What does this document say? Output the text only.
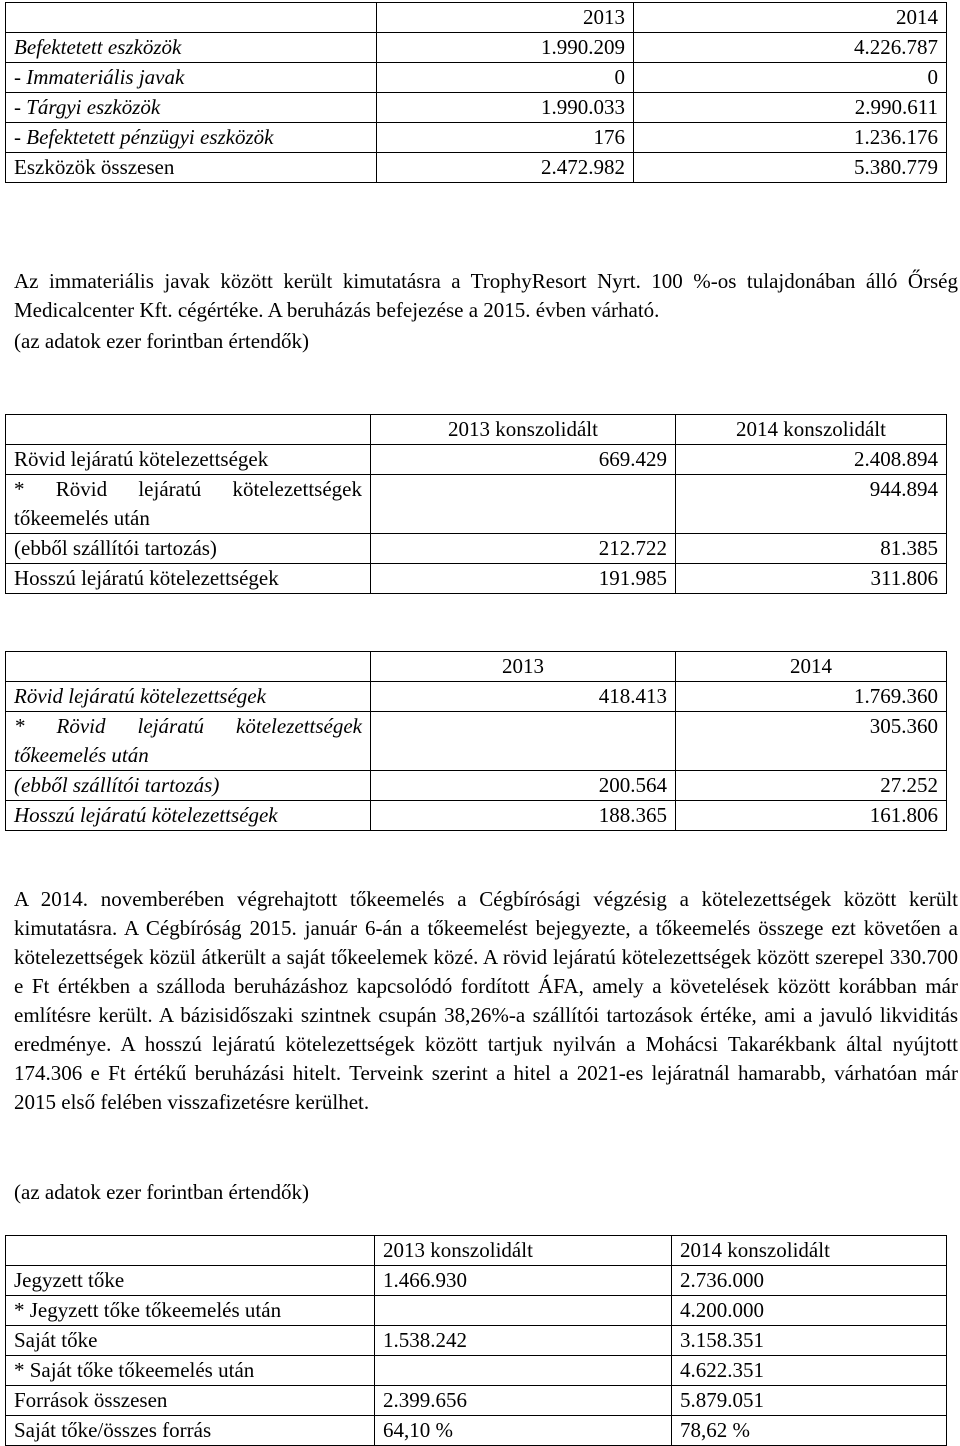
	2013	2014
Befektetett eszközök	1.990.209	4.226.787
- Immateriális javak	0	0
- Tárgyi eszközök	1.990.033	2.990.611
- Befektetett pénzügyi eszközök	176	1.236.176
Eszközök összesen	2.472.982	5.380.779
Az immateriális javak között került kimutatásra a TrophyResort Nyrt. 100 %-os tulajdonában álló Őrség Medicalcenter Kft. cégértéke. A beruházás befejezése a 2015. évben várható.
(az adatok ezer forintban értendők)
	2013 konszolidált	2014 konszolidált
Rövid lejáratú kötelezettségek	669.429	2.408.894
* Rövid lejáratú kötelezettségek tőkeemelés után		944.894
(ebből szállítói tartozás)	212.722	81.385
Hosszú lejáratú kötelezettségek	191.985	311.806
	2013	2014
Rövid lejáratú kötelezettségek	418.413	1.769.360
* Rövid lejáratú kötelezettségek tőkeemelés után		305.360
(ebből szállítói tartozás)	200.564	27.252
Hosszú lejáratú kötelezettségek	188.365	161.806
A 2014. novemberében végrehajtott tőkeemelés a Cégbírósági végzésig a kötelezettségek között került kimutatásra. A Cégbíróság 2015. január 6-án a tőkeemelést bejegyezte, a tőkeemelés összege ezt követően a kötelezettségek közül átkerült a saját tőkeelemek közé. A rövid lejáratú kötelezettségek között szerepel 330.700 e Ft értékben a szálloda beruházáshoz kapcsolódó fordított ÁFA, amely a követelések között korábban már említésre került. A bázisidőszaki szintnek csupán 38,26%-a szállítói tartozások értéke, ami a javuló likviditás eredménye. A hosszú lejáratú kötelezettségek között tartjuk nyilván a Mohácsi Takarékbank által nyújtott 174.306 e Ft értékű beruházási hitelt. Terveink szerint a hitel a 2021-es lejáratnál hamarabb, várhatóan már 2015 első felében visszafizetésre kerülhet.
(az adatok ezer forintban értendők)
	2013 konszolidált	2014 konszolidált
Jegyzett tőke	1.466.930	2.736.000
* Jegyzett tőke tőkeemelés után		4.200.000
Saját tőke	1.538.242	3.158.351
* Saját tőke tőkeemelés után		4.622.351
Források összesen	2.399.656	5.879.051
Saját tőke/összes forrás	64,10 %	78,62 %
